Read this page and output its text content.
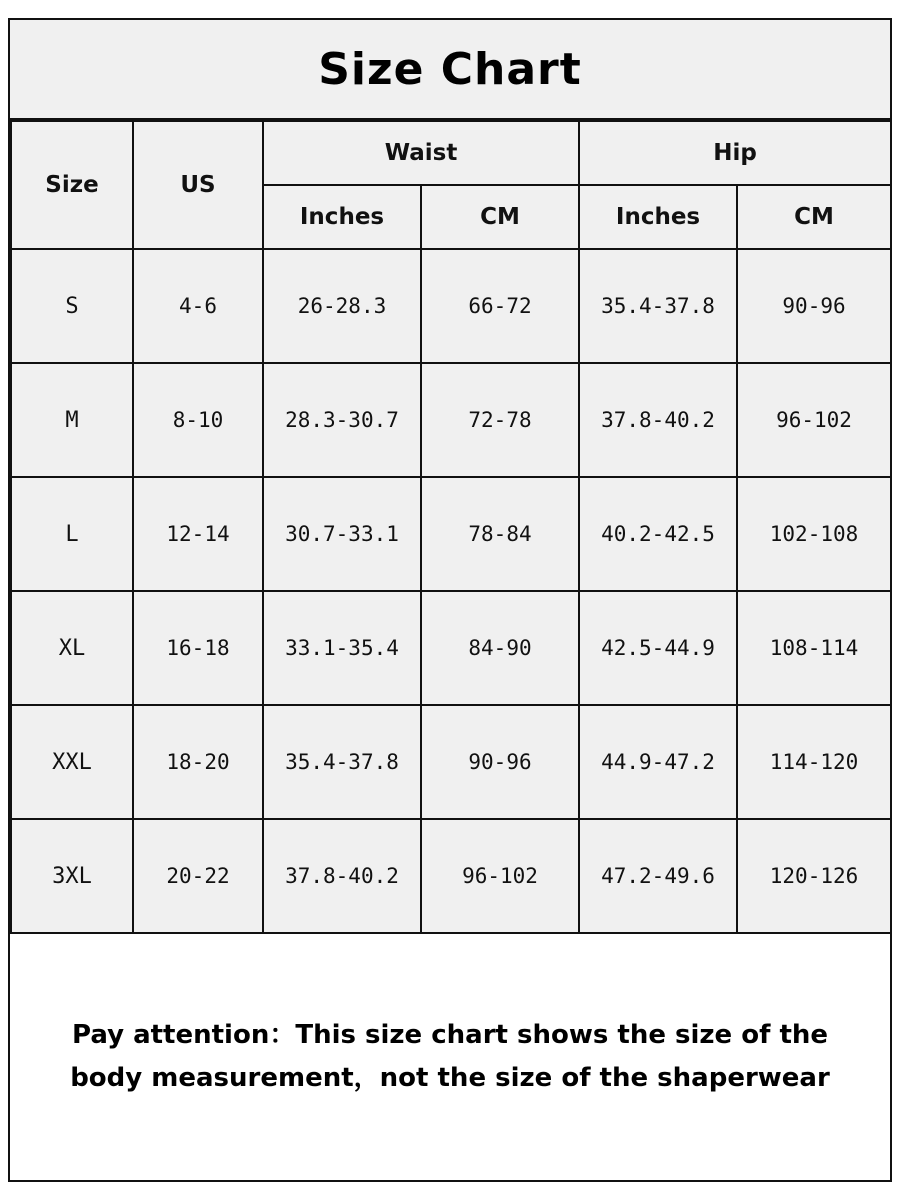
Size Chart
Size	US	Waist		Hip	
		Inches	CM	Inches	CM
S	4-6	26-28.3	66-72	35.4-37.8	90-96
M	8-10	28.3-30.7	72-78	37.8-40.2	96-102
L	12-14	30.7-33.1	78-84	40.2-42.5	102-108
XL	16-18	33.1-35.4	84-90	42.5-44.9	108-114
XXL	18-20	35.4-37.8	90-96	44.9-47.2	114-120
3XL	20-22	37.8-40.2	96-102	47.2-49.6	120-126
Pay attention：This size chart shows the size of the
body measurement，not the size of the shaperwear
